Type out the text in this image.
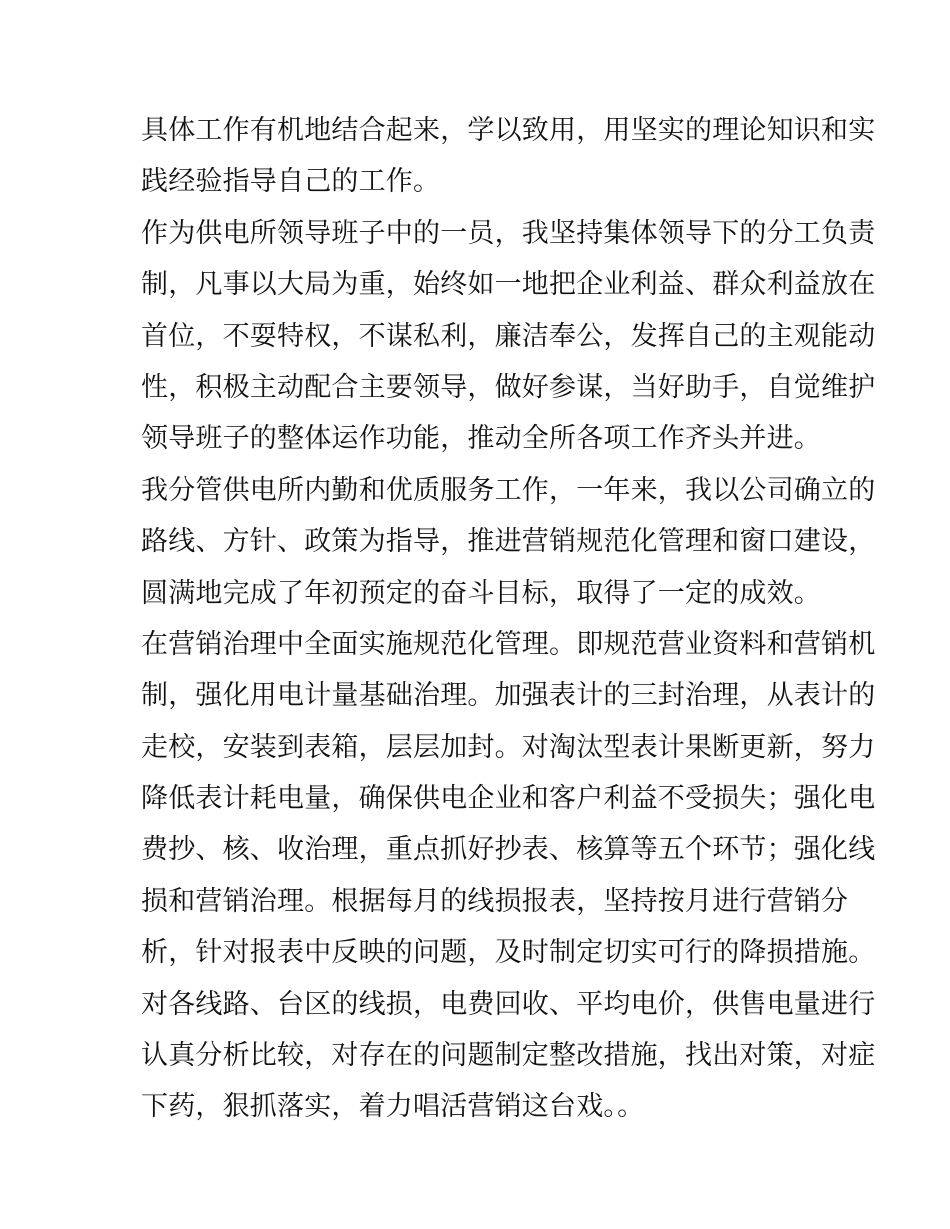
具体工作有机地结合起来，学以致用，用坚实的理论知识和实
践经验指导自己的工作。
作为供电所领导班子中的一员，我坚持集体领导下的分工负责
制，凡事以大局为重，始终如一地把企业利益、群众利益放在
首位，不耍特权，不谋私利，廉洁奉公，发挥自己的主观能动
性，积极主动配合主要领导，做好参谋，当好助手，自觉维护
领导班子的整体运作功能，推动全所各项工作齐头并进。
我分管供电所内勤和优质服务工作，一年来，我以公司确立的
路线、方针、政策为指导，推进营销规范化管理和窗口建设，
圆满地完成了年初预定的奋斗目标，取得了一定的成效。
在营销治理中全面实施规范化管理。即规范营业资料和营销机
制，强化用电计量基础治理。加强表计的三封治理，从表计的
走校，安装到表箱，层层加封。对淘汰型表计果断更新，努力
降低表计耗电量，确保供电企业和客户利益不受损失；强化电
费抄、核、收治理，重点抓好抄表、核算等五个环节；强化线
损和营销治理。根据每月的线损报表，坚持按月进行营销分
析，针对报表中反映的问题，及时制定切实可行的降损措施。
对各线路、台区的线损，电费回收、平均电价，供售电量进行
认真分析比较，对存在的问题制定整改措施，找出对策，对症
下药，狠抓落实，着力唱活营销这台戏。。
